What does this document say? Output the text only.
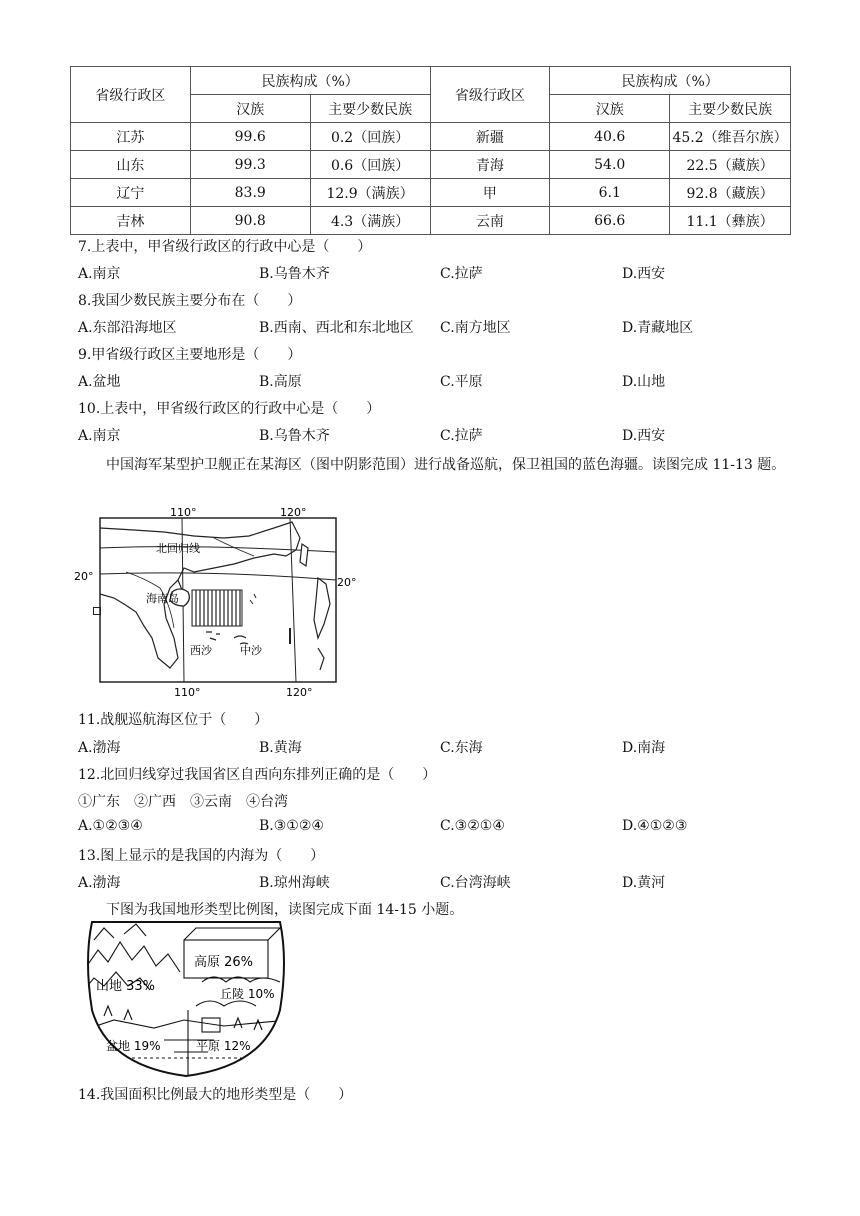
省级行政区	民族构成（%）		省级行政区	民族构成（%）	
	汉族	主要少数民族		汉族	主要少数民族
江苏	99.6	0.2（回族）	新疆	40.6	45.2（维吾尔族）
山东	99.3	0.6（回族）	青海	54.0	22.5（藏族）
辽宁	83.9	12.9（满族）	甲	6.1	92.8（藏族）
吉林	90.8	4.3（满族）	云南	66.6	11.1（彝族）
7.上表中，甲省级行政区的行政中心是（　　）
A.南京	B.乌鲁木齐	C.拉萨	D.西安
8.我国少数民族主要分布在（　　）
A.东部沿海地区	B.西南、西北和东北地区 C.南方地区	D.青藏地区
9.甲省级行政区主要地形是（　　）
A.盆地	B.高原	C.平原	D.山地
10.上表中，甲省级行政区的行政中心是（　　）
A.南京	B.乌鲁木齐	C.拉萨	D.西安
中国海军某型护卫舰正在某海区（图中阴影范围）进行战备巡航，保卫祖国的蓝色海疆。读图完成 11-13 题。
110°	120°
20°	20°
110°	120°
北回归线
海南岛
西沙	中沙
11.战舰巡航海区位于（　　）
A.渤海	B.黄海	C.东海	D.南海
12.北回归线穿过我国省区自西向东排列正确的是（　　）
①广东　②广西　③云南　④台湾
A.①②③④	B.③①②④	C.③②①④	D.④①②③
13.图上显示的是我国的内海为（　　）
A.渤海	B.琼州海峡	C.台湾海峡	D.黄河
下图为我国地形类型比例图，读图完成下面 14-15 小题。
高原 26%
山地 33%	丘陵 10%
盆地 19%	平原 12%
14.我国面积比例最大的地形类型是（　　）
